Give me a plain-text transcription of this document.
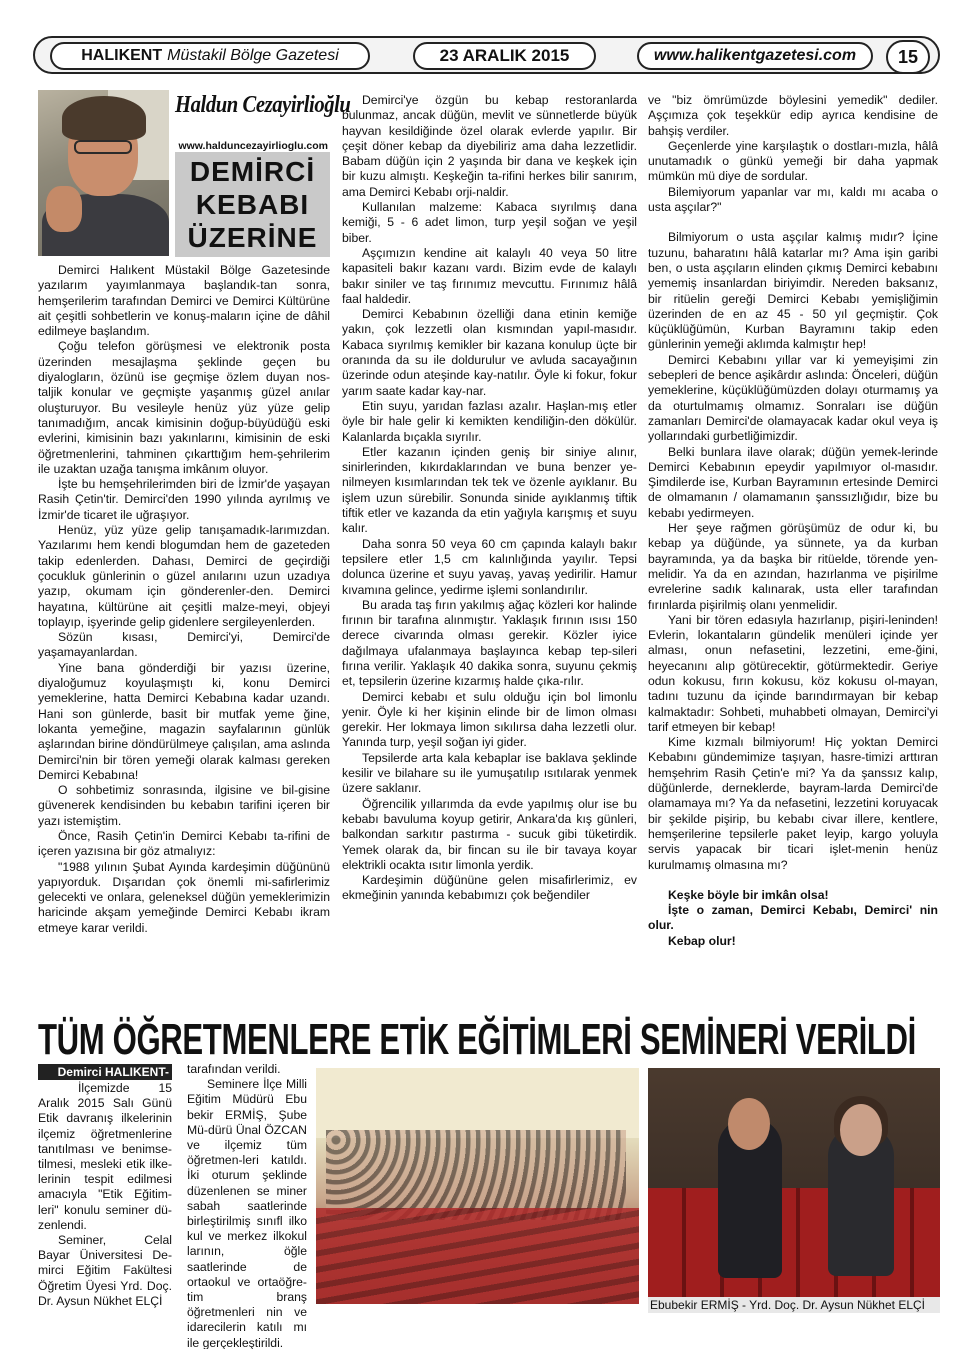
HALIKENT Müstakil Bölge Gazetesi	23 ARALIK 2015	www.halikentgazetesi.com	15
Haldun Cezayirlioğlu
www.halduncezayirlioglu.com
DEMİRCİ
KEBABI
ÜZERİNE

Demirci Halıkent Müstakil Bölge Gazetesinde yazılarım yayımlanmaya başlandık-tan sonra, hemşerilerim tarafından Demirci ve Demirci Kültürüne ait çeşitli sohbetlerin ve konuş-maların içine de dâhil edilmeye başlandım.

Çoğu telefon görüşmesi ve elektronik posta üzerinden mesajlaşma şeklinde geçen bu diyalogların, özünü ise geçmişe özlem duyan nos-taljik konular ve geçmişte yaşanmış güzel anılar oluşturuyor. Bu vesileyle henüz yüz yüze gelip tanımadığım, ancak kimisinin doğup-büyüdüğü eski evlerini, kimisinin bazı yakınlarını, kimisinin de eski öğretmenlerini, tahminen çıkarttığım hem-şehrilerim ile uzaktan uzağa tanışma imkânım oluyor.

İşte bu hemşehrilerimden biri de İzmir'de yaşayan Rasih Çetin'tir. Demirci'den 1990 yılında ayrılmış ve İzmir'de ticaret ile uğraşıyor.

Henüz, yüz yüze gelip tanışamadık-larımızdan. Yazılarımı hem kendi blogumdan hem de gazeteden takip edenlerden. Dahası, Demirci de geçirdiği çocukluk günlerinin o güzel anılarını uzun uzadıya yazıp, okumam için gönderenler-den. Demirci hayatına, kültürüne ait çeşitli malze-meyi, objeyi toplayıp, işyerinde gelip gidenlere sergileyenlerden.

Sözün kısası, Demirci'yi, Demirci'de yaşamayanlardan.

Yine bana gönderdiği bir yazısı üzerine, diyaloğumuz koyulaşmıştı ki, konu Demirci yemeklerine, hatta Demirci Kebabına kadar uzandı. Hani son günlerde, basit bir mutfak yeme ğine, lokanta yemeğine, magazin sayfalarının günlük aşlarından birine döndürülmeye çalışılan, ama aslında Demirci'nin bir tören yemeği olarak kalması gereken Demirci Kebabına!

O sohbetimiz sonrasında, ilgisine ve bil-gisine güvenerek kendisinden bu kebabın tarifini içeren bir yazı istemiştim.

Önce, Rasih Çetin'in Demirci Kebabı ta-rifini de içeren yazısına bir göz atmalıyız:

"1988 yılının Şubat Ayında kardeşimin düğününü yapıyorduk. Dışarıdan çok önemli mi-safirlerimiz gelecekti ve onlara, geleneksel düğün yemeklerimizin haricinde akşam yemeğinde Demirci Kebabı ikram etmeye karar verildi.

Demirci'ye özgün bu kebap restoranlarda bulunmaz, ancak düğün, mevlit ve sünnetlerde büyük hayvan kesildiğinde özel olarak evlerde yapılır. Bir çeşit döner kebap da diyebiliriz ama daha lezzetlidir. Babam düğün için 2 yaşında bir dana ve keşkek için bir kuzu almıştı. Keşkeğin ta-rifini herkes bilir sanırım, ama Demirci Kebabı orji-naldir.

Kullanılan malzeme: Kabaca sıyrılmış dana kemiği, 5 - 6 adet limon, turp yeşil soğan ve yeşil biber.

Aşçımızın kendine ait kalaylı 40 veya 50 litre kapasiteli bakır kazanı vardı. Bizim evde de kalaylı bakır siniler ve taş fırınımız mevcuttu. Fırınımız hâlâ faal haldedir.

Demirci Kebabının özelliği dana etinin kemiğe yakın, çok lezzetli olan kısmından yapıl-masıdır. Kabaca sıyrılmış kemikler bir kazana konulup üçte bir oranında da su ile doldurulur ve avluda sacayağının üzerinde odun ateşinde kay-natılır. Öyle ki fokur, fokur yarım saate kadar kay-nar.

Etin suyu, yarıdan fazlası azalır. Haşlan-mış etler öyle bir hale gelir ki kemikten kendiliğin-den dökülür. Kalanlarda bıçakla sıyrılır.

Etler kazanın içinden geniş bir siniye alınır, sinirlerinden, kıkırdaklarından ve buna benzer ye-nilmeyen kısımlarından tek tek ve özenle ayıklanır. Bu işlem uzun sürebilir. Sonunda sinide ayıklanmış tiftik tiftik etler ve kazanda da etin yağıyla karışmış et suyu kalır.

Daha sonra 50 veya 60 cm çapında kalaylı bakır tepsilere etler 1,5 cm kalınlığında yayılır. Tepsi dolunca üzerine et suyu yavaş, yavaş yedirilir. Hamur kıvamına gelince, yedirme işlemi sonlandırılır.

Bu arada taş fırın yakılmış ağaç közleri kor halinde fırının bir tarafına alınmıştır. Yaklaşık fırının ısısı 150 derece civarında olması gerekir. Közler iyice dağılmaya ufalanmaya başlayınca kebap tep-sileri fırına verilir. Yaklaşık 40 dakika sonra, suyunu çekmiş et, tepsilerin üzerine kızarmış halde çıka-rılır.

Demirci kebabı et sulu olduğu için bol limonlu yenir. Öyle ki her kişinin elinde bir de limon olması gerekir. Her lokmaya limon sıkılırsa daha lezzetli olur. Yanında turp, yeşil soğan iyi gider.

Tepsilerde arta kala kebaplar ise baklava şeklinde kesilir ve bilahare su ile yumuşatılıp ısıtılarak yenmek üzere saklanır.

Öğrencilik yıllarımda da evde yapılmış olur ise bu kebabı bavuluma koyup getirir, Ankara'da kış günleri, balkondan sarkıtır pastırma - sucuk gibi tüketirdik. Yemek olarak da, bir fincan su ile bir tavaya koyar elektrikli ocakta ısıtır limonla yerdik.

Kardeşimin düğününe gelen misafirlerimiz, ev ekmeğinin yanında kebabımızı çok beğendiler

ve "biz ömrümüzde böylesini yemedik" dediler. Aşçımıza çok teşekkür edip ayrıca kendisine de bahşiş verdiler.

Geçenlerde yine karşılaştık o dostları-mızla, hâlâ unutamadık o günkü yemeği bir daha yapmak mümkün mü diye de sordular.

Bilemiyorum yapanlar var mı, kaldı mı acaba o usta aşçılar?"

Bilmiyorum o usta aşçılar kalmış mıdır? İçine tuzunu, baharatını hâlâ katarlar mı? Ama işin garibi ben, o usta aşçıların elinden çıkmış Demirci kebabını yememiş insanlardan biriyimdir. Nereden baksanız, bir ritüelin gereği Demirci Kebabı yemişliğimin üzerinden de en az 45 - 50 yıl geçmiştir. Çok küçüklüğümün, Kurban Bayramını takip eden günlerinin yemeği aklımda kalmıştır hep!

Demirci Kebabını yıllar var ki yemeyişimi zin sebepleri de bence aşikârdır aslında: Önceleri, düğün yemeklerine, küçüklüğümüzden dolayı oturmamış ya da oturtulmamış olmamız. Sonraları ise düğün zamanları Demirci'de olamayacak kadar okul veya iş yollarındaki gurbetliğimizdir.

Belki bunlara ilave olarak; düğün yemek-lerinde Demirci Kebabının epeydir yapılmıyor ol-masıdır. Şimdilerde ise, Kurban Bayramının ertesinde Demirci de olmamanın / olamamanın şanssızlığıdır, bize bu kebabı yedirmeyen.

Her şeye rağmen görüşümüz de odur ki, bu kebap ya düğünde, ya sünnete, ya da kurban bayramında, ya da başka bir ritüelde, törende yen-melidir. Ya da en azından, hazırlanma ve pişirilme evrelerine sadık kalınarak, usta eller tarafından fırınlarda pişirilmiş olanı yenmelidir.

Yani bir tören edasıyla hazırlanıp, pişiri-leninden! Evlerin, lokantaların gündelik menüleri içinde yer alması, onun nefasetini, lezzetini, eme-ğini, heyecanını alıp götürecektir, götürmektedir. Geriye odun kokusu, fırın kokusu, köz kokusu ol-mayan, tadını tuzunu da içinde barındırmayan bir kebap kalmaktadır: Sohbeti, muhabbeti olmayan, Demirci'yi tarif etmeyen bir kebap!

Kime kızmalı bilmiyorum! Hiç yoktan Demirci Kebabını gündemimize taşıyan, hasre-timizi arttıran hemşehrim Rasih Çetin'e mi? Ya da şanssız kalıp, düğünlerde, derneklerde, bayram-larda Demirci'de olamamaya mı? Ya da nefasetini, lezzetini koruyacak bir şekilde pişirip, bu kebabı civar illere, kentlere, hemşerilerine tepsilerle paket leyip, kargo yoluyla servis yapacak bir ticari işlet-menin henüz kurulmamış olmasına mı?

Keşke böyle bir imkân olsa!

İşte o zaman, Demirci Kebabı, Demirci' nin olur.

Kebap olur!

TÜM ÖĞRETMENLERE ETİK EĞİTİMLERİ SEMİNERİ VERİLDİ
Demirci HALIKENT-

İlçemizde 15 Aralık 2015 Salı Günü Etik davranış ilkelerinin ilçemiz öğretmenlerine tanıtılması ve benimse-tilmesi, mesleki etik ilke-lerinin tespit edilmesi amacıyla "Etik Eğitim-leri" konulu seminer dü-zenlendi.

Seminer, Celal Bayar Üniversitesi De-mirci Eğitim Fakültesi Öğretim Üyesi Yrd. Doç. Dr. Aysun Nükhet ELÇİ

tarafından verildi.

Seminere İlçe Milli Eğitim Müdürü Ebu bekir ERMİŞ, Şube Mü-dürü Ünal ÖZCAN ve ilçemiz tüm öğretmen-leri katıldı. İki oturum şeklinde düzenlenen se miner sabah saatlerinde birleştirilmiş sınıfl ilko kul ve merkez ilkokul larının, öğle saatlerinde de ortaokul ve ortaöğre-tim branş öğretmenleri nin ve idarecilerin katılı mı ile gerçekleştirildi.

Ebubekir ERMİŞ - Yrd. Doç. Dr. Aysun Nükhet ELÇİ
